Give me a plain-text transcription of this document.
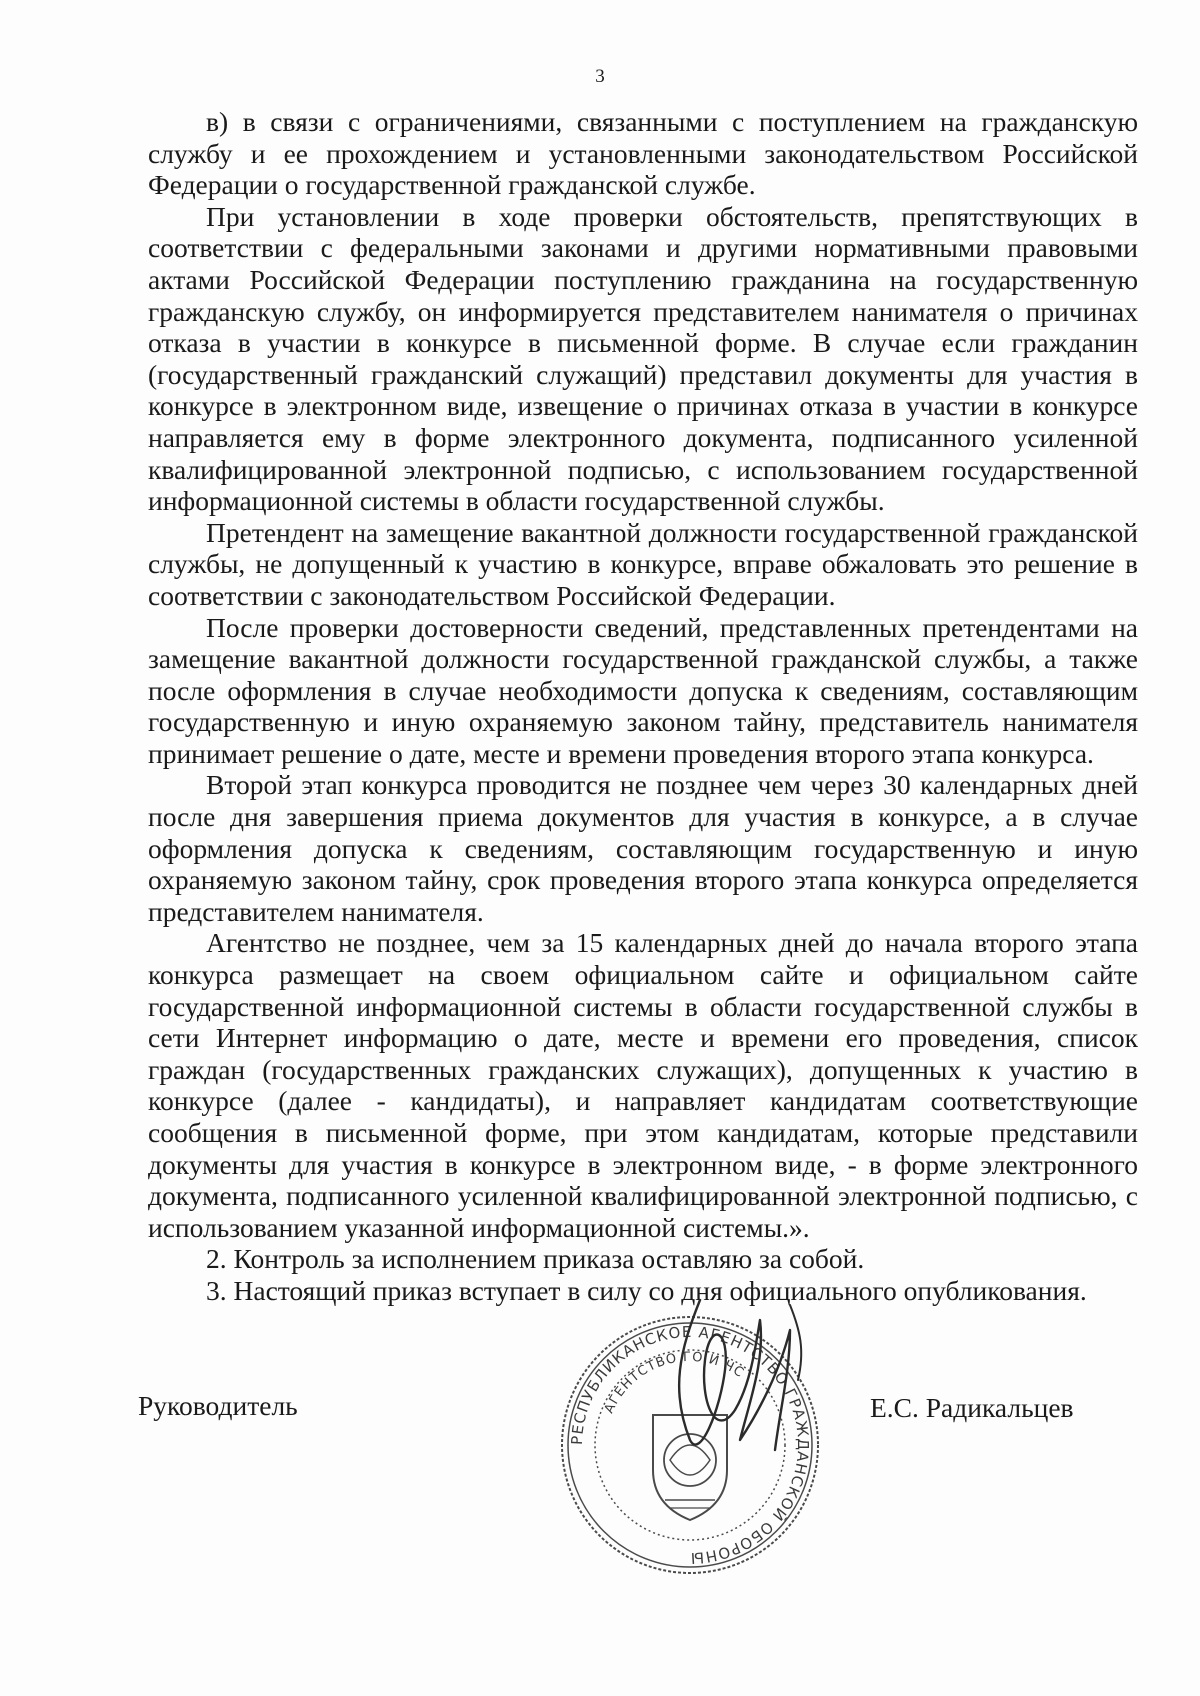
3

в) в связи с ограничениями, связанными с поступлением на гражданскую службу и ее прохождением и установленными законодательством Российской Федерации о государственной гражданской службе.

При установлении в ходе проверки обстоятельств, препятствующих в соответствии с федеральными законами и другими нормативными правовыми актами Российской Федерации поступлению гражданина на государственную гражданскую службу, он информируется представителем нанимателя о причинах отказа в участии в конкурсе в письменной форме. В случае если гражданин (государственный гражданский служащий) представил документы для участия в конкурсе в электронном виде, извещение о причинах отказа в участии в конкурсе направляется ему в форме электронного документа, подписанного усиленной квалифицированной электронной подписью, с использованием государственной информационной системы в области государственной службы.

Претендент на замещение вакантной должности государственной гражданской службы, не допущенный к участию в конкурсе, вправе обжаловать это решение в соответствии с законодательством Российской Федерации.

После проверки достоверности сведений, представленных претендентами на замещение вакантной должности государственной гражданской службы, а также после оформления в случае необходимости допуска к сведениям, составляющим государственную и иную охраняемую законом тайну, представитель нанимателя принимает решение о дате, месте и времени проведения второго этапа конкурса.

Второй этап конкурса проводится не позднее чем через 30 календарных дней после дня завершения приема документов для участия в конкурсе, а в случае оформления допуска к сведениям, составляющим государственную и иную охраняемую законом тайну, срок проведения второго этапа конкурса определяется представителем нанимателя.

Агентство не позднее, чем за 15 календарных дней до начала второго этапа конкурса размещает на своем официальном сайте и официальном сайте государственной информационной системы в области государственной службы в сети Интернет информацию о дате, месте и времени его проведения, список граждан (государственных гражданских служащих), допущенных к участию в конкурсе (далее - кандидаты), и направляет кандидатам соответствующие сообщения в письменной форме, при этом кандидатам, которые представили документы для участия в конкурсе в электронном виде, - в форме электронного документа, подписанного усиленной квалифицированной электронной подписью, с использованием указанной информационной системы.».

2. Контроль за исполнением приказа оставляю за собой.

3. Настоящий приказ вступает в силу со дня официального опубликования.

Руководитель
РЕСПУБЛИКАНСКОЕ АГЕНТСТВО ГРАЖДАНСКОЙ ОБОРОНЫ
АГЕНТСТВО ГО И ЧС
Е.С. Радикальцев
